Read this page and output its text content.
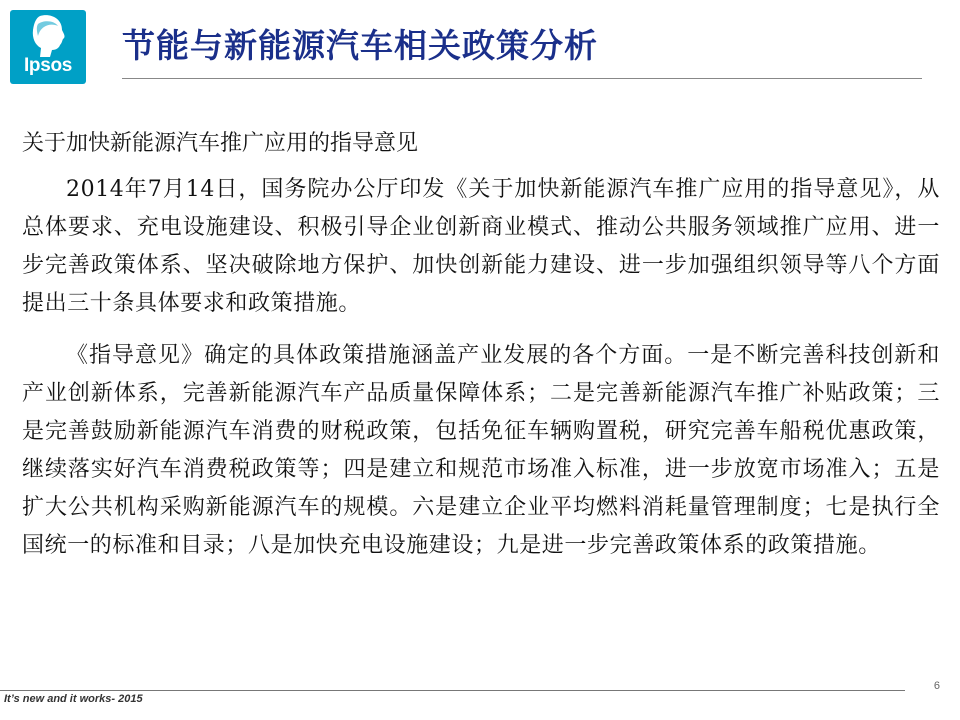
Ipsos
节能与新能源汽车相关政策分析

关于加快新能源汽车推广应用的指导意见

2014年7月14日，国务院办公厅印发《关于加快新能源汽车推广应用的指导意见》，从总体要求、充电设施建设、积极引导企业创新商业模式、推动公共服务领域推广应用、进一步完善政策体系、坚决破除地方保护、加快创新能力建设、进一步加强组织领导等八个方面提出三十条具体要求和政策措施。

《指导意见》确定的具体政策措施涵盖产业发展的各个方面。一是不断完善科技创新和产业创新体系，完善新能源汽车产品质量保障体系；二是完善新能源汽车推广补贴政策；三是完善鼓励新能源汽车消费的财税政策，包括免征车辆购置税，研究完善车船税优惠政策，继续落实好汽车消费税政策等；四是建立和规范市场准入标准，进一步放宽市场准入；五是扩大公共机构采购新能源汽车的规模。六是建立企业平均燃料消耗量管理制度；七是执行全国统一的标准和目录；八是加快充电设施建设；九是进一步完善政策体系的政策措施。

6
It’s new and it works- 2015
